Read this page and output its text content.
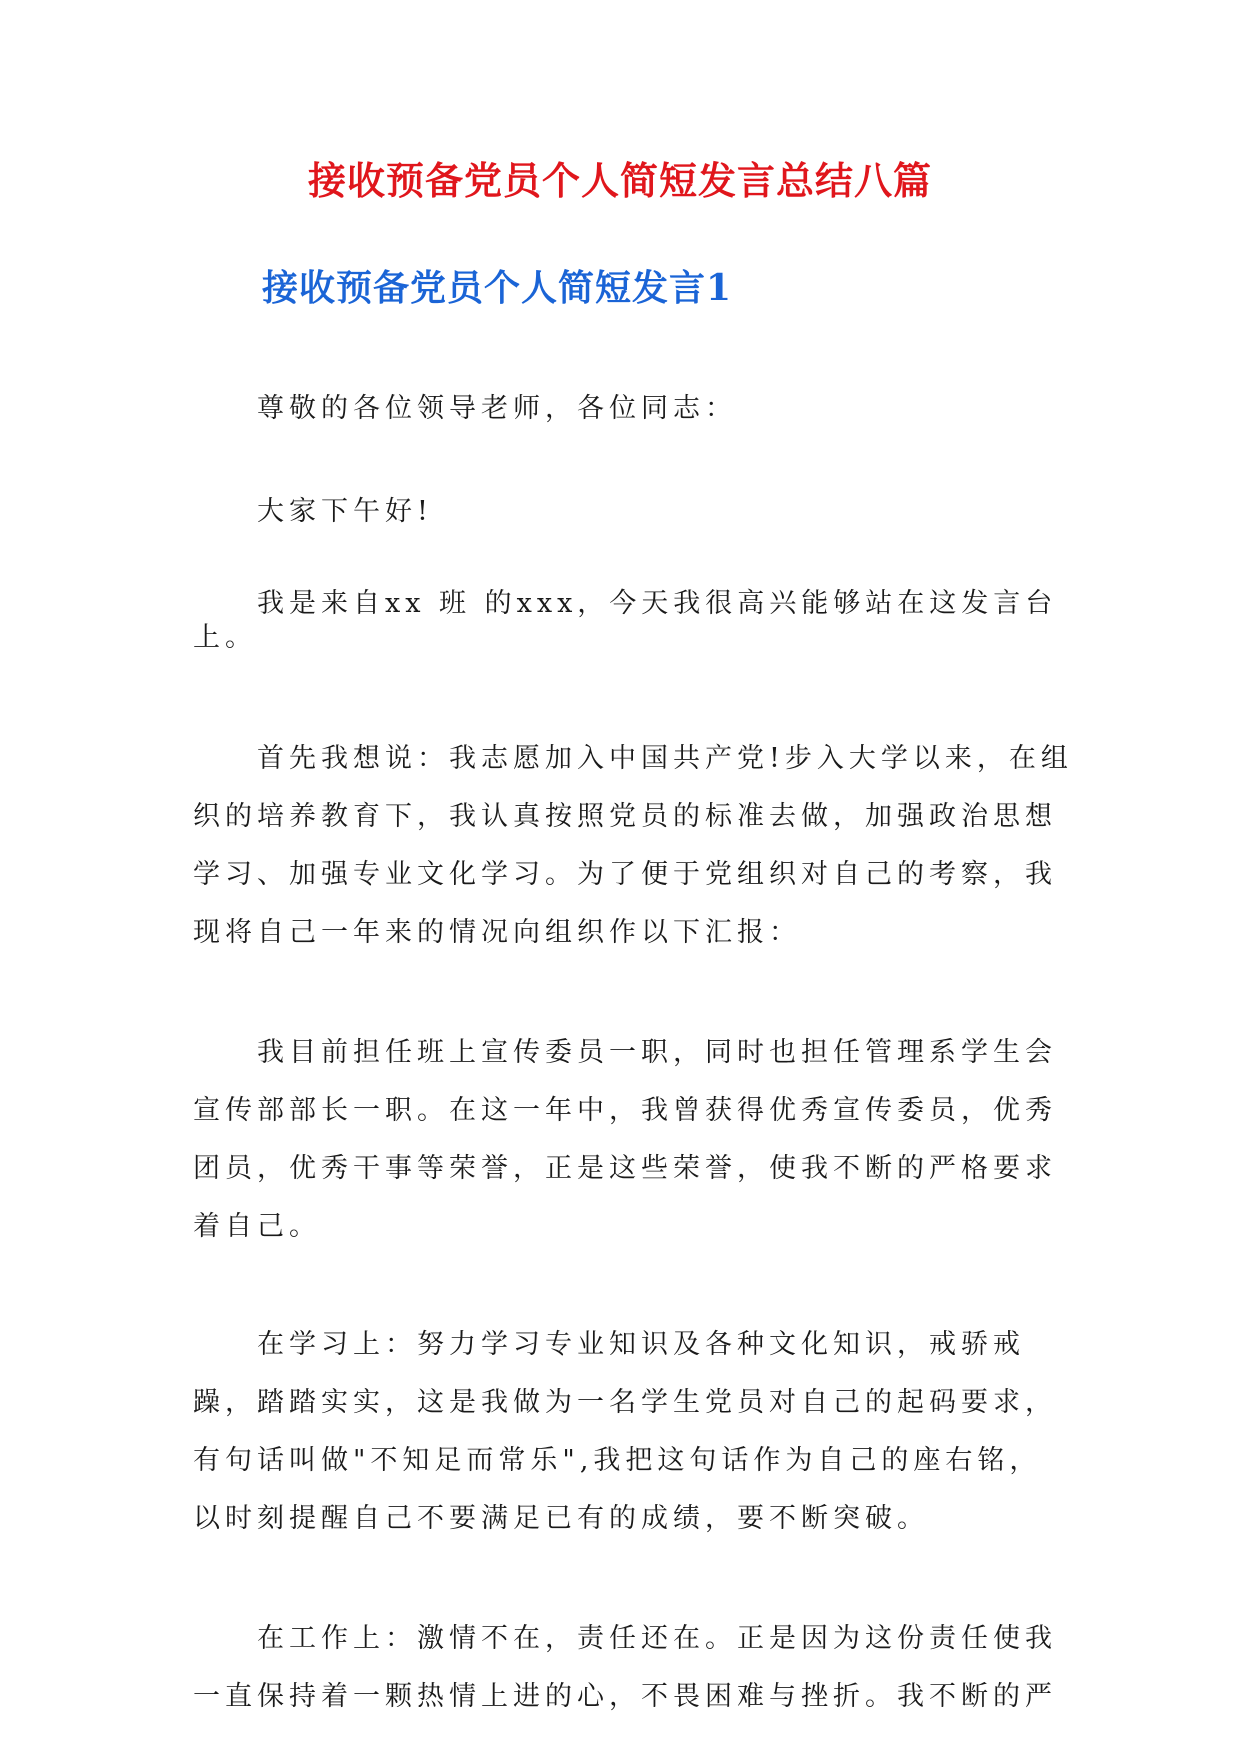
接收预备党员个人简短发言总结八篇
接收预备党员个人简短发言1

尊敬的各位领导老师，各位同志：

大家下午好!

我是来自xx 班 的xxx，今天我很高兴能够站在这发言台上。

首先我想说：我志愿加入中国共产党!步入大学以来，在组织的培养教育下，我认真按照党员的标准去做，加强政治思想学习、加强专业文化学习。为了便于党组织对自己的考察，我现将自己一年来的情况向组织作以下汇报：

我目前担任班上宣传委员一职，同时也担任管理系学生会宣传部部长一职。在这一年中，我曾获得优秀宣传委员，优秀团员，优秀干事等荣誉，正是这些荣誉，使我不断的严格要求着自己。

在学习上：努力学习专业知识及各种文化知识，戒骄戒躁，踏踏实实，这是我做为一名学生党员对自己的起码要求，有句话叫做"不知足而常乐",我把这句话作为自己的座右铭，以时刻提醒自己不要满足已有的成绩，要不断突破。

在工作上：激情不在，责任还在。正是因为这份责任使我一直保持着一颗热情上进的心，不畏困难与挫折。我不断的严
